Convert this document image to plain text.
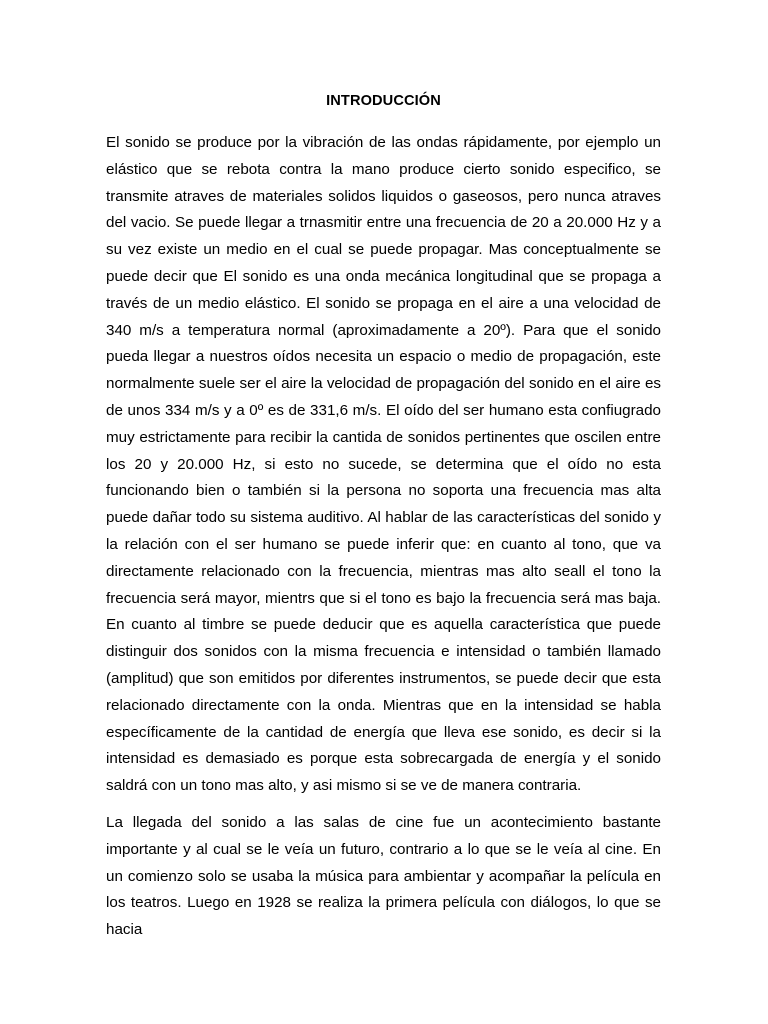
INTRODUCCIÓN

El sonido se produce por la vibración de las ondas rápidamente, por ejemplo un elástico que se rebota contra la mano produce cierto sonido especifico, se transmite atraves de materiales solidos liquidos o gaseosos, pero nunca atraves del vacio. Se puede llegar a trnasmitir entre una frecuencia de 20 a 20.000 Hz y a su vez existe un medio en el cual se puede propagar. Mas conceptualmente se puede decir que El sonido es una onda mecánica longitudinal que se propaga a través de un medio elástico. El sonido se propaga en el aire a una velocidad de 340 m/s a temperatura normal (aproximadamente a 20º). Para que el sonido pueda llegar a nuestros oídos necesita un espacio o medio de propagación, este normalmente suele ser el aire la velocidad de propagación del sonido en el aire es de unos 334 m/s y a 0º es de 331,6 m/s. El oído del ser humano esta confiugrado muy estrictamente para recibir la cantida de sonidos pertinentes que oscilen entre los 20 y 20.000 Hz, si esto no sucede, se determina que el oído no esta funcionando bien o también si la persona no soporta una frecuencia mas alta puede dañar todo su sistema auditivo. Al hablar de las características del sonido y la relación con el ser humano se puede inferir que: en cuanto al tono, que va directamente relacionado con la frecuencia, mientras mas alto seall el tono la frecuencia será mayor, mientrs que si el tono es bajo la frecuencia será mas baja. En cuanto al timbre se puede deducir que es aquella característica que puede distinguir dos sonidos con la misma frecuencia e intensidad o también llamado (amplitud) que son emitidos por diferentes instrumentos, se puede decir que esta relacionado directamente con la onda. Mientras que en la intensidad se habla específicamente de la cantidad de energía que lleva ese sonido, es decir si la intensidad es demasiado es porque esta sobrecargada de energía y el sonido saldrá con un tono mas alto, y asi mismo si se ve de manera contraria.

La llegada del sonido a las salas de cine fue un acontecimiento bastante importante y al cual se le veía un futuro, contrario a lo que se le veía al cine. En un comienzo solo se usaba la música para ambientar y acompañar la película en los teatros. Luego en 1928 se realiza la primera película con diálogos, lo que se hacia
